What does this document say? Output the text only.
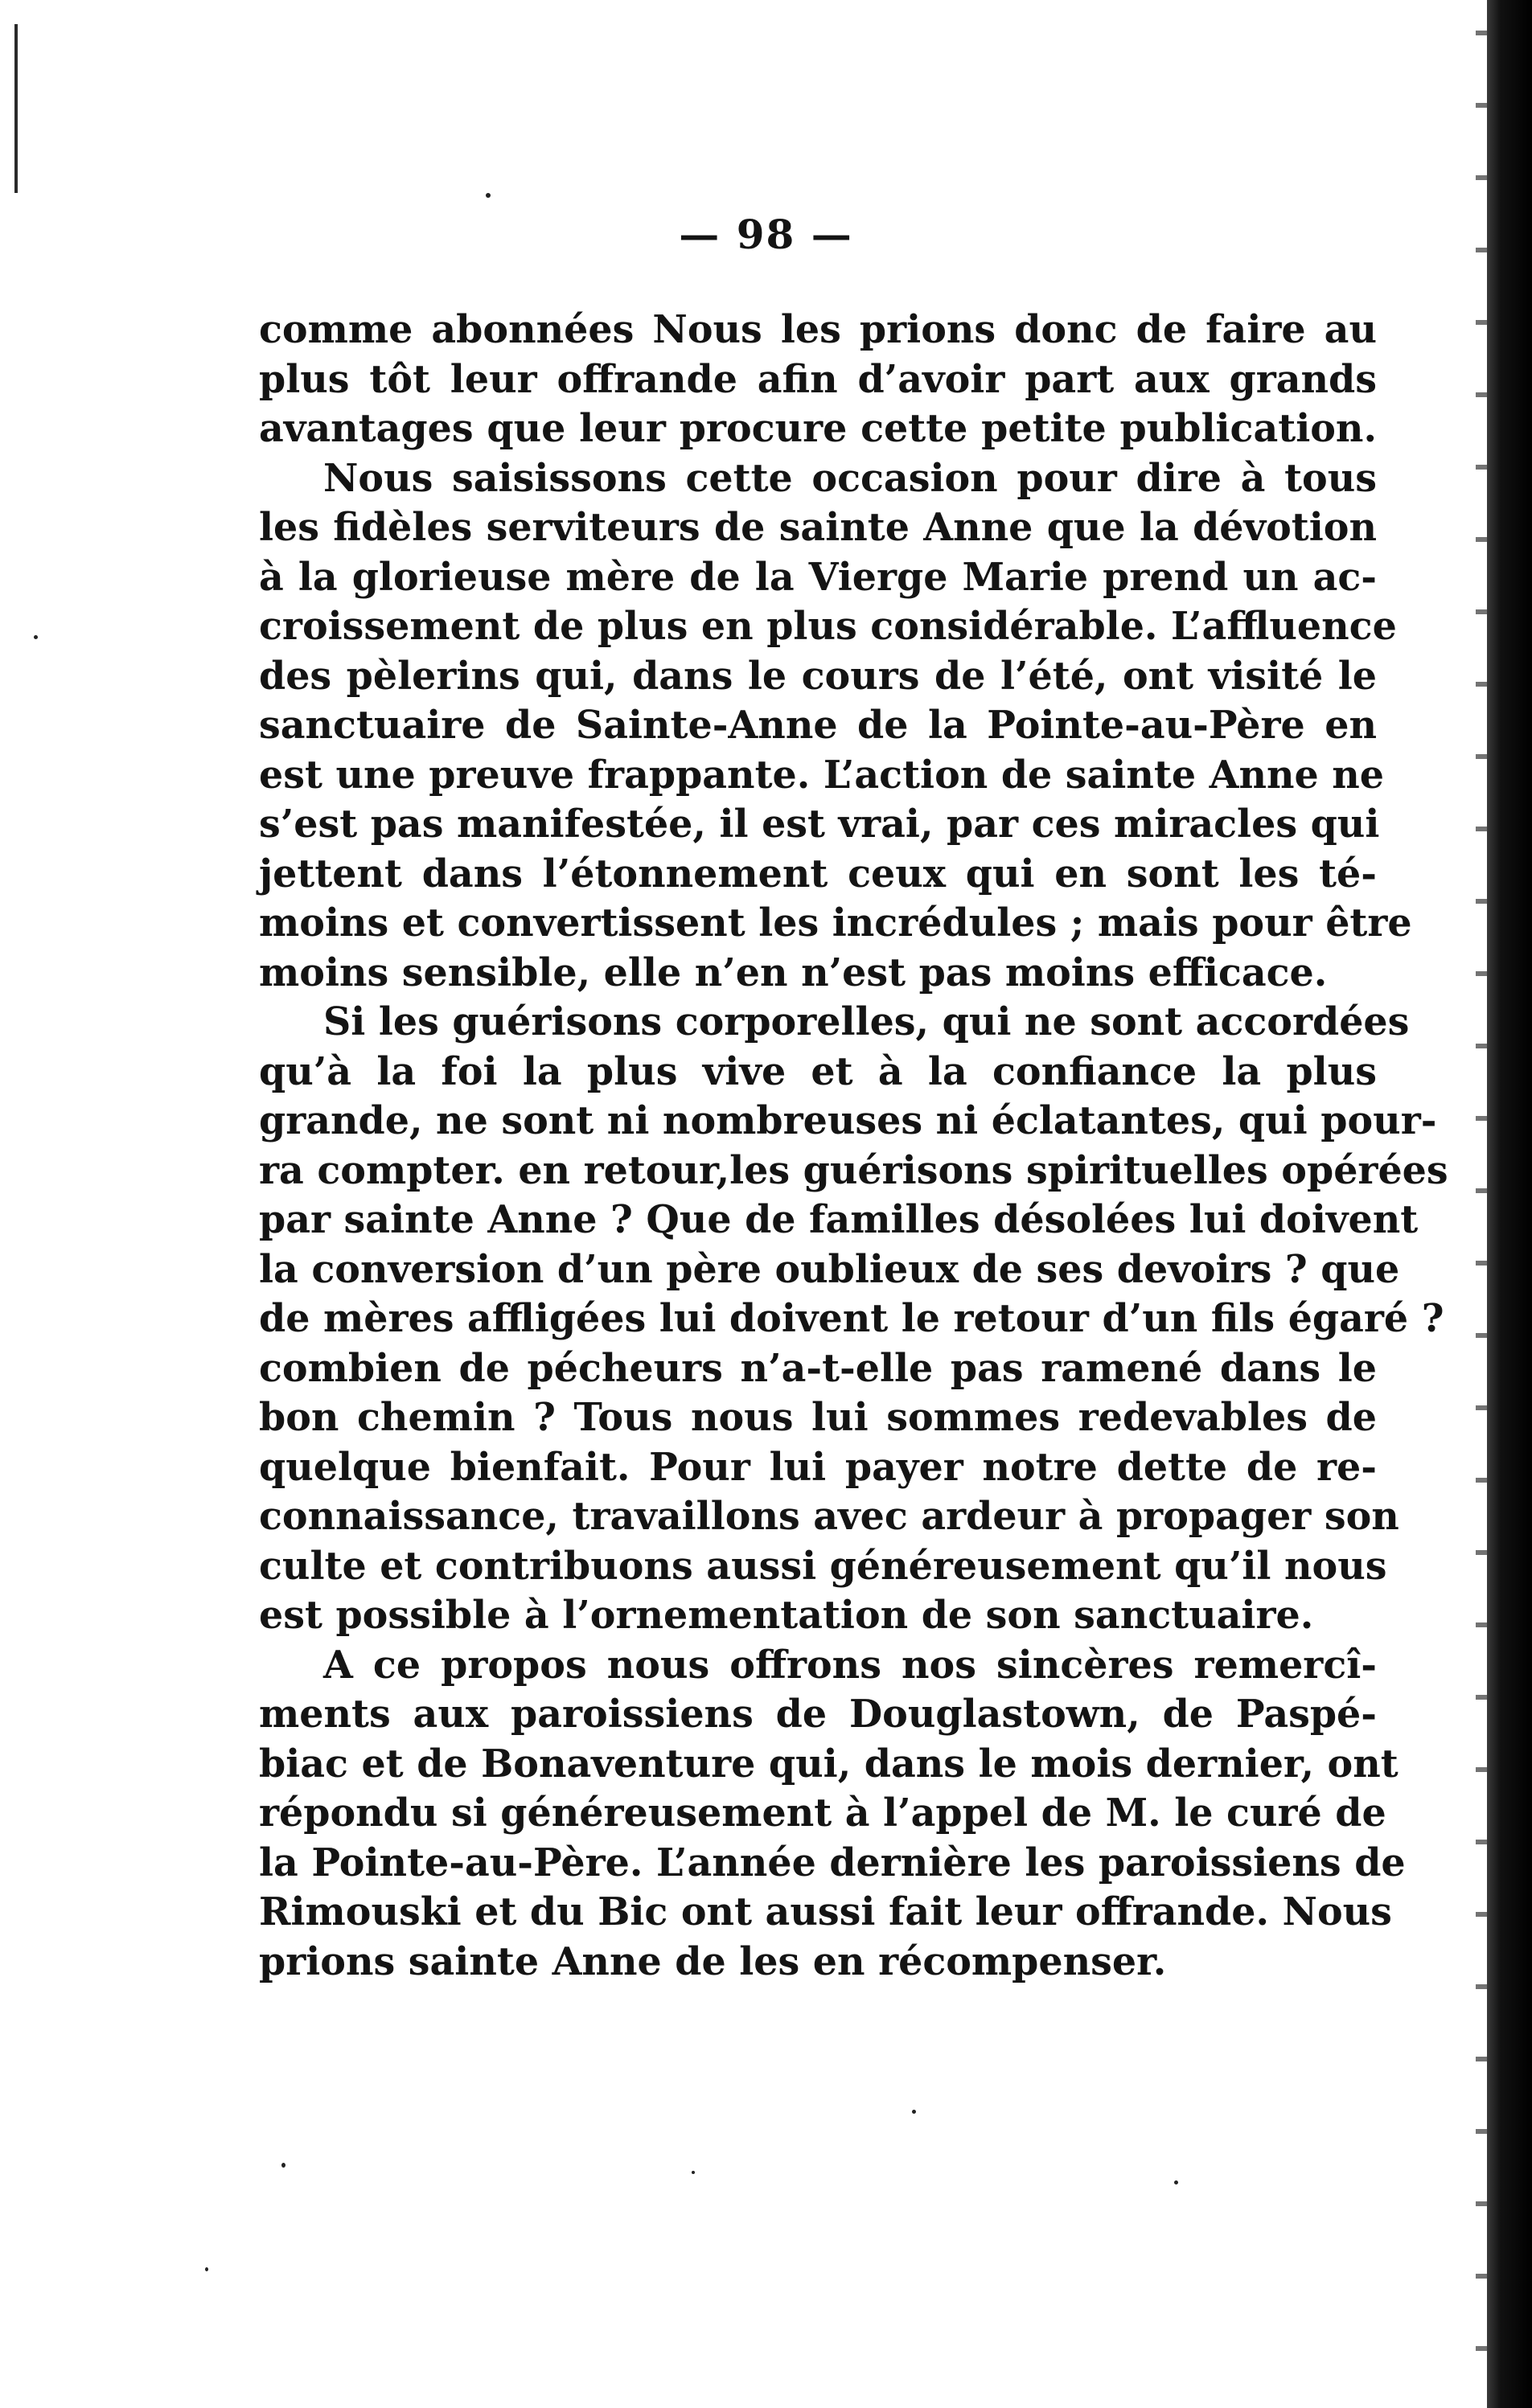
— 98 —
comme abonnées Nous les prions donc de faire au
plus tôt leur offrande afin d’avoir part aux grands
avantages que leur procure cette petite publication.
Nous saisissons cette occasion pour dire à tous
les fidèles serviteurs de sainte Anne que la dévotion
à la glorieuse mère de la Vierge Marie prend un ac-
croissement de plus en plus considérable. L’affluence
des pèlerins qui, dans le cours de l’été, ont visité le
sanctuaire de Sainte-Anne de la Pointe-au-Père en
est une preuve frappante. L’action de sainte Anne ne
s’est pas manifestée, il est vrai, par ces miracles qui
jettent dans l’étonnement ceux qui en sont les té-
moins et convertissent les incrédules ; mais pour être
moins sensible, elle n’en n’est pas moins efficace.
Si les guérisons corporelles, qui ne sont accordées
qu’à la foi la plus vive et à la confiance la plus
grande, ne sont ni nombreuses ni éclatantes, qui pour-
ra compter. en retour,les guérisons spirituelles opérées
par sainte Anne ? Que de familles désolées lui doivent
la conversion d’un père oublieux de ses devoirs ? que
de mères affligées lui doivent le retour d’un fils égaré ?
combien de pécheurs n’a-t-elle pas ramené dans le
bon chemin ? Tous nous lui sommes redevables de
quelque bienfait. Pour lui payer notre dette de re-
connaissance, travaillons avec ardeur à propager son
culte et contribuons aussi généreusement qu’il nous
est possible à l’ornementation de son sanctuaire.
A ce propos nous offrons nos sincères remercî-
ments aux paroissiens de Douglastown, de Paspé-
biac et de Bonaventure qui, dans le mois dernier, ont
répondu si généreusement à l’appel de M. le curé de
la Pointe-au-Père. L’année dernière les paroissiens de
Rimouski et du Bic ont aussi fait leur offrande. Nous
prions sainte Anne de les en récompenser.
